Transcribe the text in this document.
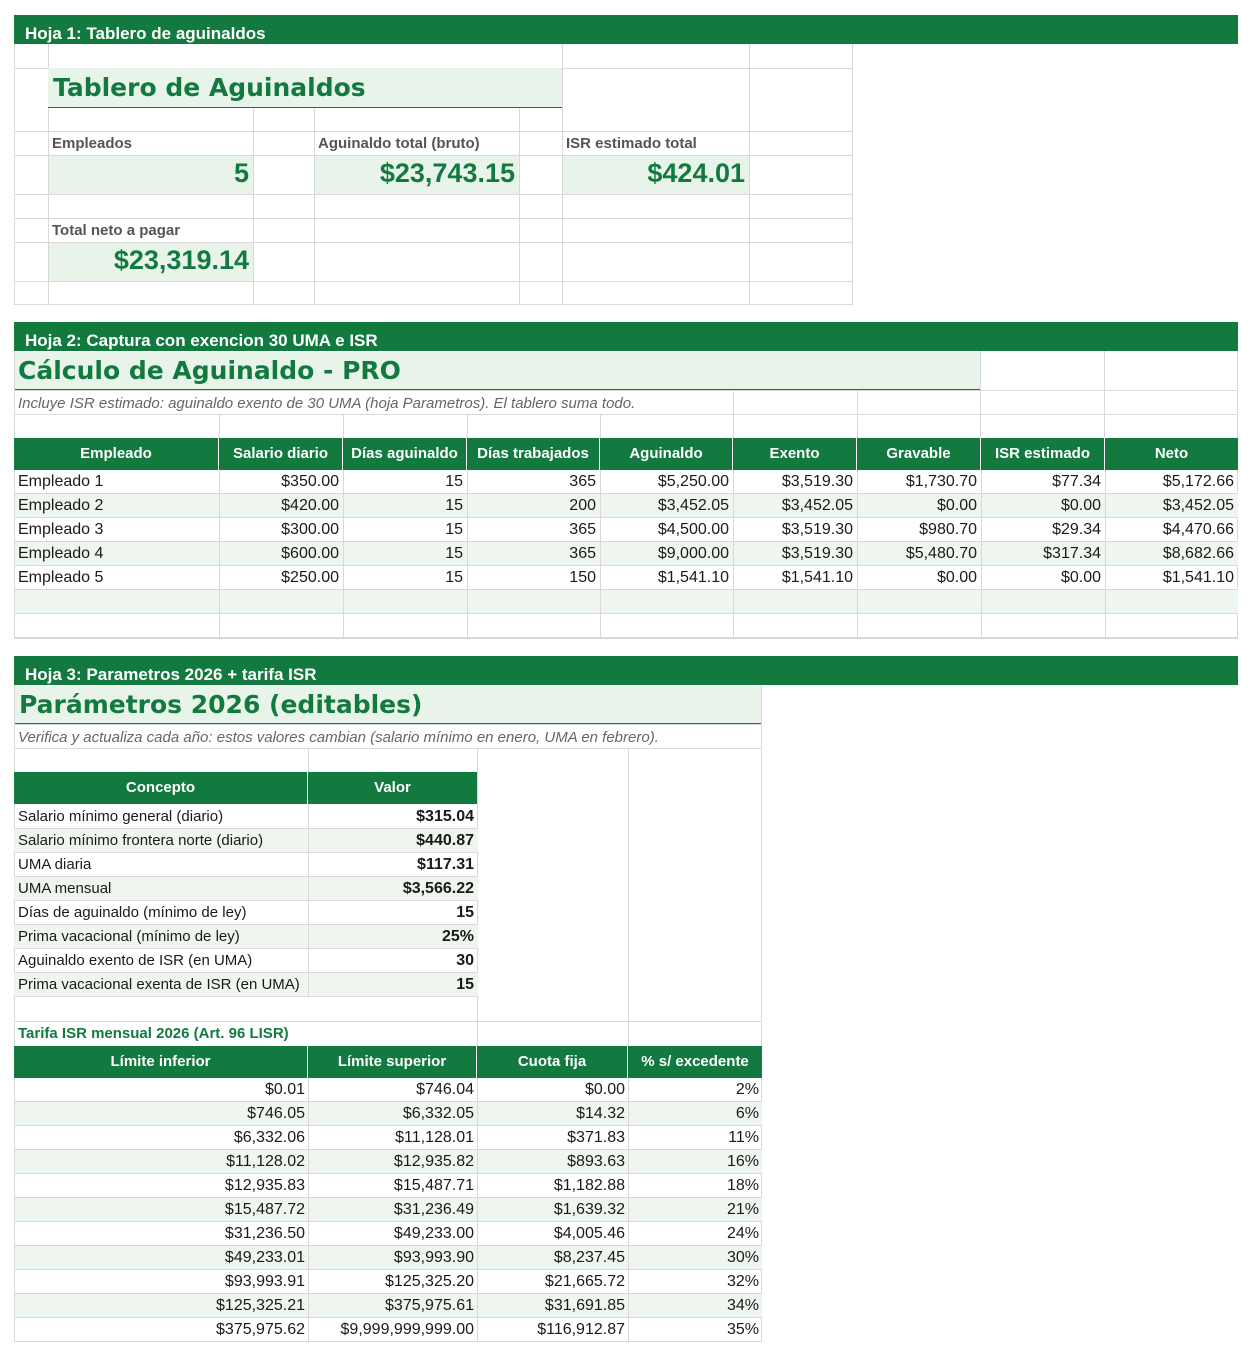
Hoja 1: Tablero de aguinaldos
Tablero de Aguinaldos
Empleados	Aguinaldo total (bruto)	ISR estimado total
5	$23,743.15	$424.01
Total neto a pagar
$23,319.14
Hoja 2: Captura con exencion 30 UMA e ISR
Cálculo de Aguinaldo - PRO
Incluye ISR estimado: aguinaldo exento de 30 UMA (hoja Parametros). El tablero suma todo.
Empleado	Salario diario	Días aguinaldo	Días trabajados	Aguinaldo	Exento	Gravable	ISR estimado	Neto
Empleado 1	$350.00	15	365	$5,250.00	$3,519.30	$1,730.70	$77.34	$5,172.66
Empleado 2	$420.00	15	200	$3,452.05	$3,452.05	$0.00	$0.00	$3,452.05
Empleado 3	$300.00	15	365	$4,500.00	$3,519.30	$980.70	$29.34	$4,470.66
Empleado 4	$600.00	15	365	$9,000.00	$3,519.30	$5,480.70	$317.34	$8,682.66
Empleado 5	$250.00	15	150	$1,541.10	$1,541.10	$0.00	$0.00	$1,541.10
Hoja 3: Parametros 2026 + tarifa ISR
Parámetros 2026 (editables)
Verifica y actualiza cada año: estos valores cambian (salario mínimo en enero, UMA en febrero).
Concepto	Valor
Salario mínimo general (diario)	$315.04
Salario mínimo frontera norte (diario)	$440.87
UMA diaria	$117.31
UMA mensual	$3,566.22
Días de aguinaldo (mínimo de ley)	15
Prima vacacional (mínimo de ley)	25%
Aguinaldo exento de ISR (en UMA)	30
Prima vacacional exenta de ISR (en UMA)	15
Tarifa ISR mensual 2026 (Art. 96 LISR)
Límite inferior	Límite superior	Cuota fija	% s/ excedente
$0.01	$746.04	$0.00	2%
$746.05	$6,332.05	$14.32	6%
$6,332.06	$11,128.01	$371.83	11%
$11,128.02	$12,935.82	$893.63	16%
$12,935.83	$15,487.71	$1,182.88	18%
$15,487.72	$31,236.49	$1,639.32	21%
$31,236.50	$49,233.00	$4,005.46	24%
$49,233.01	$93,993.90	$8,237.45	30%
$93,993.91	$125,325.20	$21,665.72	32%
$125,325.21	$375,975.61	$31,691.85	34%
$375,975.62	$9,999,999,999.00	$116,912.87	35%
